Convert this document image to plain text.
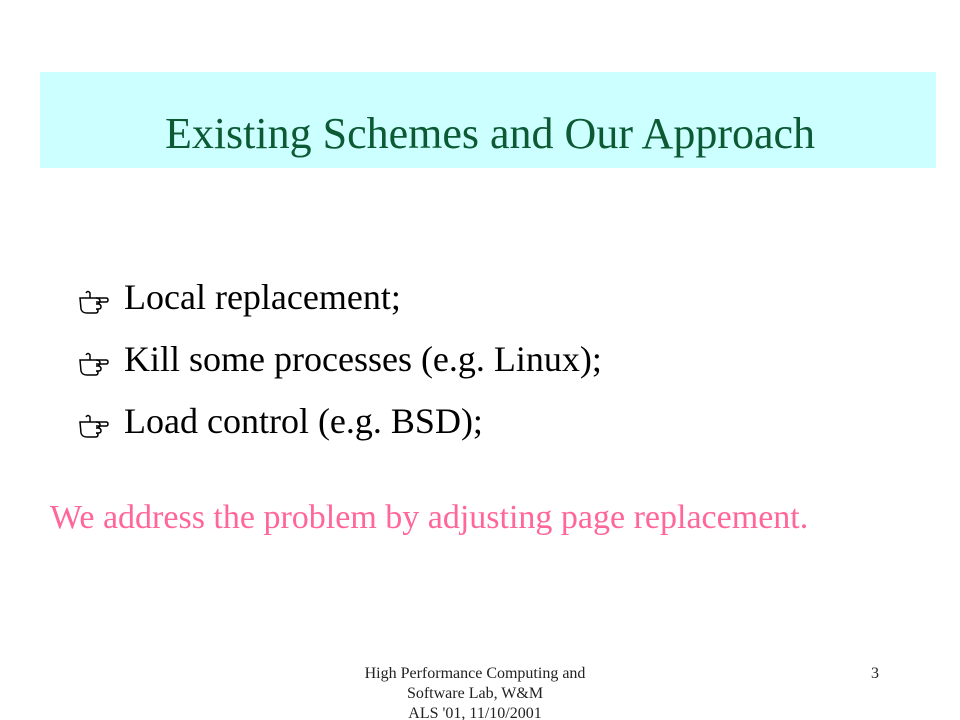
Existing Schemes and Our Approach
Local replacement;
Kill some processes (e.g. Linux);
Load control (e.g. BSD);
We address the problem by adjusting page replacement.
High Performance Computing and
Software Lab, W&M
ALS '01, 11/10/2001
3
